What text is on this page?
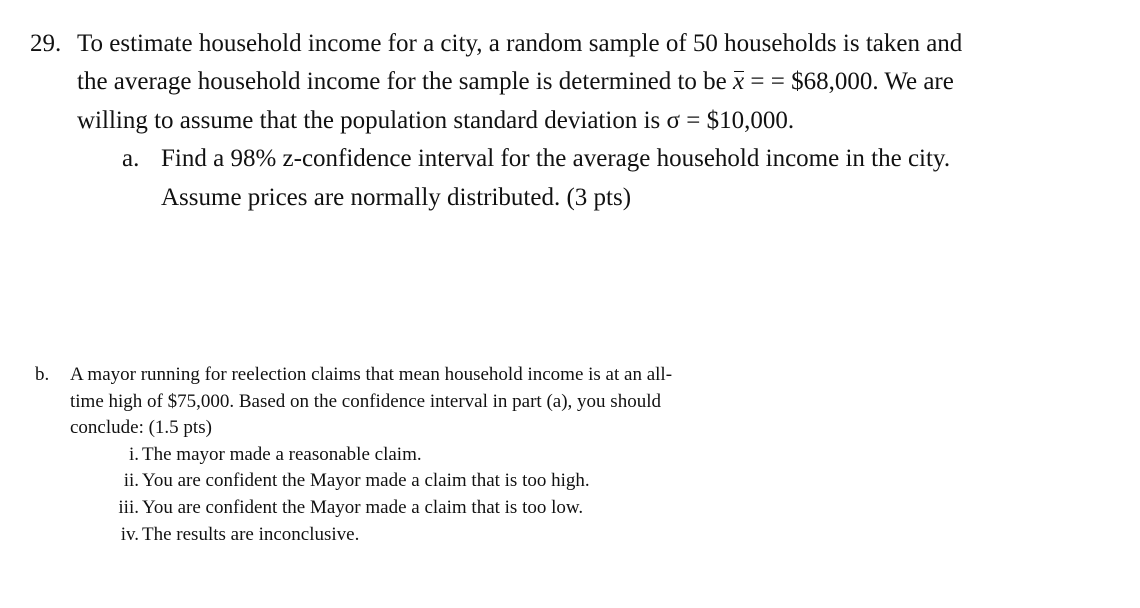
29. To estimate household income for a city, a random sample of 50 households is taken and
the average household income for the sample is determined to be x = = $68,000. We are
willing to assume that the population standard deviation is σ = $10,000.
a. Find a 98% z-confidence interval for the average household income in the city.
Assume prices are normally distributed. (3 pts)
b. A mayor running for reelection claims that mean household income is at an all-
time high of $75,000. Based on the confidence interval in part (a), you should
conclude: (1.5 pts)
i. The mayor made a reasonable claim.
ii. You are confident the Mayor made a claim that is too high.
iii. You are confident the Mayor made a claim that is too low.
iv. The results are inconclusive.
